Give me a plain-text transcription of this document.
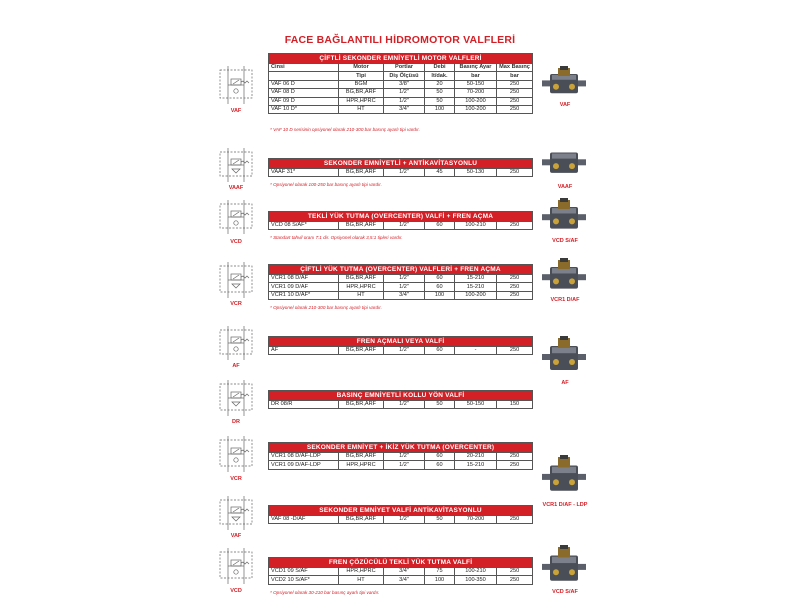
FACE BAĞLANTILI HİDROMOTOR VALFLERİ
ÇİFTLİ SEKONDER EMNİYETLİ MOTOR VALFLERİ					
Cinsi	Motor	Portlar	Debi	Basınç Ayar	Max Basınç
	Tipi	Diş Ölçüsü	lt/dak.	bar	bar
VAF 06 D	BGM	3/8"	20	50-150	250
VAF 08 D	BG,BR,ARF	1/2"	50	70-200	250
VAF 09 D	HPR,HPRC	1/2"	50	100-200	250
VAF 10 D*	HT	3/4"	100	100-200	250
* VAF 10 D serisinin opsiyonel olarak 210-300 bar basınç ayarlı tipi vardır.
VAF
VAF
SEKONDER EMNİYETLİ + ANTİKAVİTASYONLU
VAAF 31*	BG,BR,ARF	1/2"	45	50-130	250
* Opsiyonel olarak 100-250 bar basınç ayarlı tipi vardır.
VAAF	VAAF
TEKLİ YÜK TUTMA (OVERCENTER) VALFİ + FREN AÇMA
VCD 08 S/AF*	BG,BR,ARF	1/2"	60	100-210	250
* Standart tahvil oranı 7:1 dir. Opsiyonel olarak 3,5:1 tipleri vardır.
VCD	VCD S/AF
ÇİFTLİ YÜK TUTMA (OVERCENTER) VALFLERİ + FREN AÇMA					
VCR1 08 D/AF	BG,BR,ARF	1/2"	60	15-210	250
VCR1 09 D/AF	HPR,HPRC	1/2"	60	15-210	250
VCR1 10 D/AF*	HT	3/4"	100	100-200	250
* Opsiyonel olarak 210-300 bar basınç ayarlı tipi vardır.
VCR
VCR1 D/AF
FREN AÇMALI VEYA VALFİ
AF	BG,BR,ARF	1/2"	60	-	250
AF
AF
BASINÇ EMNİYETLİ KOLLU YÖN VALFİ
DR 08/R	BG,BR,ARF	1/2"	50	50-150	150
DR
SEKONDER EMNİYET + İKİZ YÜK TUTMA (OVERCENTER)					
VCR1 08 D/AF-LDP	BG,BR,ARF	1/2"	60	20-210	250
VCR1 09 D/AF-LDP	HPR,HPRC	1/2"	60	15-210	250
VCR
VCR1 D/AF - LDP
SEKONDER EMNİYET VALFİ ANTİKAVİTASYONLU
VAF 08 -D/AF	BG,BR,ARF	1/2"	50	70-200	250
VAF
FREN ÇÖZÜCÜLÜ TEKLİ YÜK TUTMA VALFİ					
VCD1 09 S/AF	HPR,HPRC	3/4"	75	100-210	250
VCD2 10 S/AF*	HT	3/4"	100	100-350	250
* Opsiyonel olarak 30-210 bar basınç ayarlı tipi vardır.
VCD	VCD S/AF
